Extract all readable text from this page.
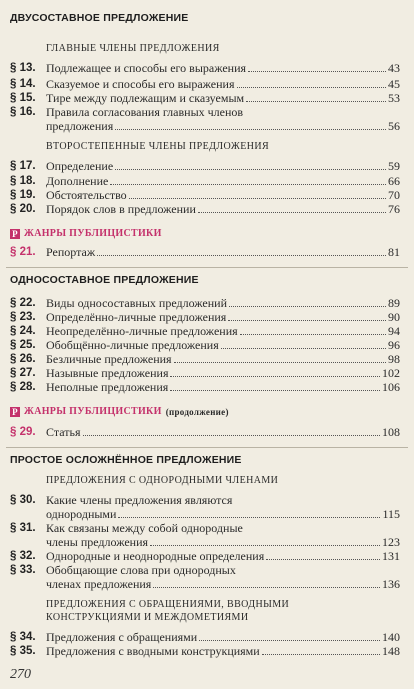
ДВУСОСТАВНОЕ ПРЕДЛОЖЕНИЕ
ГЛАВНЫЕ ЧЛЕНЫ ПРЕДЛОЖЕНИЯ
§ 13. Подлежащее и способы его выражения	43
§ 14. Сказуемое и способы его выражения	45
§ 15. Тире между подлежащим и сказуемым	53
§ 16. Правила согласования главных членов
предложения	56
ВТОРОСТЕПЕННЫЕ ЧЛЕНЫ ПРЕДЛОЖЕНИЯ
§ 17. Определение	59
§ 18. Дополнение	66
§ 19. Обстоятельство	70
§ 20. Порядок слов в предложении	76
Р ЖАНРЫ ПУБЛИЦИСТИКИ
§ 21. Репортаж	81
ОДНОСОСТАВНОЕ ПРЕДЛОЖЕНИЕ
§ 22. Виды односоставных предложений	89
§ 23. Определённо-личные предложения	90
§ 24. Неопределённо-личные предложения	94
§ 25. Обобщённо-личные предложения	96
§ 26. Безличные предложения	98
§ 27. Назывные предложения	102
§ 28. Неполные предложения	106
Р ЖАНРЫ ПУБЛИЦИСТИКИ (продолжение)
§ 29. Статья	108
ПРОСТОЕ ОСЛОЖНЁННОЕ ПРЕДЛОЖЕНИЕ
ПРЕДЛОЖЕНИЯ С ОДНОРОДНЫМИ ЧЛЕНАМИ
§ 30. Какие члены предложения являются
однородными	115
§ 31. Как связаны между собой однородные
члены предложения	123
§ 32. Однородные и неоднородные определения	131
§ 33. Обобщающие слова при однородных
членах предложения	136
ПРЕДЛОЖЕНИЯ С ОБРАЩЕНИЯМИ, ВВОДНЫМИ
КОНСТРУКЦИЯМИ И МЕЖДОМЕТИЯМИ
§ 34. Предложения с обращениями	140
§ 35. Предложения с вводными конструкциями	148
270
